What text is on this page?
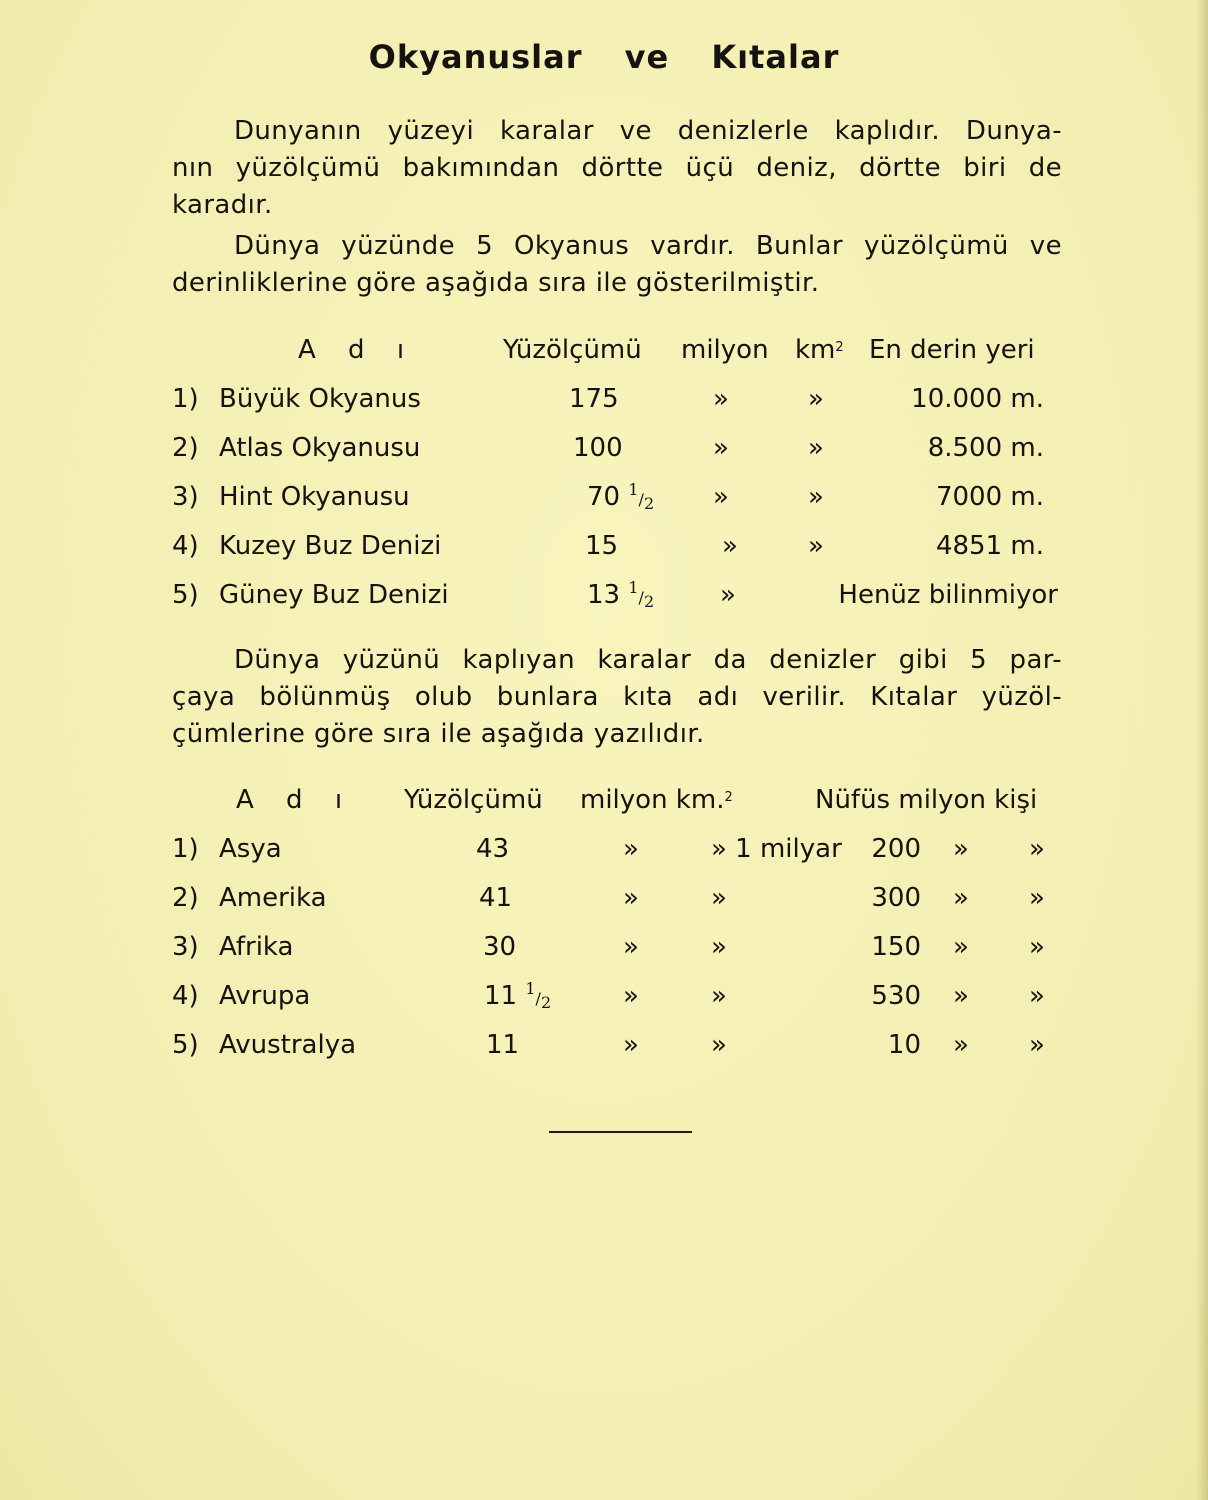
Okyanuslar ve Kıtalar
Dunyanın yüzeyi karalar ve denizlerle kaplıdır. Dunya-
nın yüzölçümü bakımından dörtte üçü deniz, dörtte biri de
karadır.
Dünya yüzünde 5 Okyanus vardır. Bunlar yüzölçümü ve
derinliklerine göre aşağıda sıra ile gösterilmiştir.
A d ı	Yüzölçümü milyon $km^2$ En derin yeri
1) Büyük Okyanus	175	»	»	10.000 m.
2) Atlas Okyanusu	100	»	»	8.500 m.
3) Hint Okyanusu	70 1/2 »	»	7000 m.
4) Kuzey Buz Denizi	15	»	»	4851 m.
5) Güney Buz Denizi	13 1/2	»	Henüz bilinmiyor
Dünya yüzünü kaplıyan karalar da denizler gibi 5 par-
çaya bölünmüş olub bunlara kıta adı verilir. Kıtalar yüzöl-
çümlerine göre sıra ile aşağıda yazılıdır.
A d ı Yüzölçümü milyon km.$^2$	Nüfüs milyon kişi
1) Asya	43	»	» 1 milyar 200 » »
2) Amerika	41	»	»	300 » »
3) Afrika	30	»	»	150 » »
4) Avrupa	11 1/2	»	»	530 » »
5) Avustralya	11	»	»	10 » »
